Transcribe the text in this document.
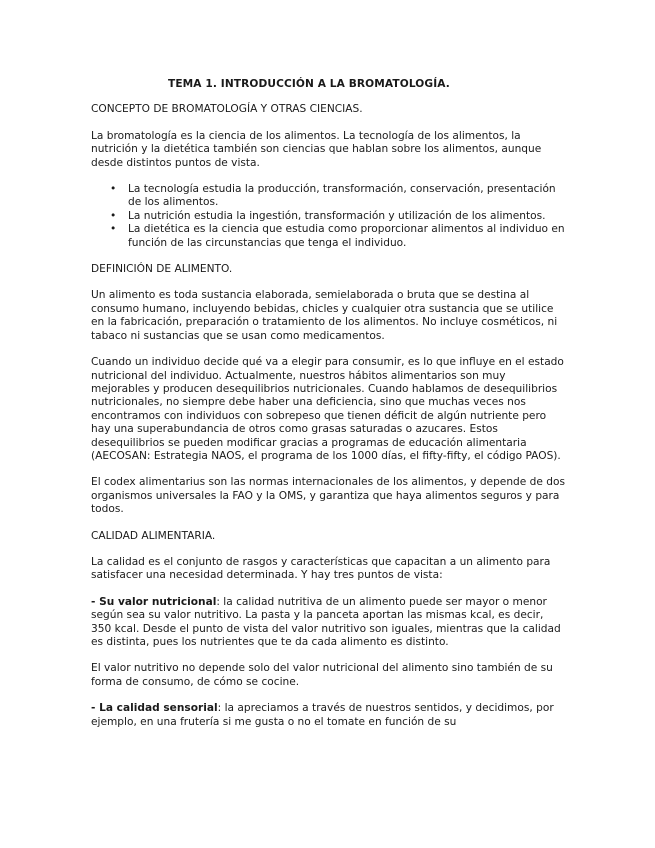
TEMA 1. INTRODUCCIÓN A LA BROMATOLOGÍA.

CONCEPTO DE BROMATOLOGÍA Y OTRAS CIENCIAS.

La bromatología es la ciencia de los alimentos. La tecnología de los alimentos, la nutrición y la dietética también son ciencias que hablan sobre los alimentos, aunque desde distintos puntos de vista.

• La tecnología estudia la producción, transformación, conservación, presentación de los alimentos.
• La nutrición estudia la ingestión, transformación y utilización de los alimentos.
• La dietética es la ciencia que estudia como proporcionar alimentos al individuo en función de las circunstancias que tenga el individuo.

DEFINICIÓN DE ALIMENTO.

Un alimento es toda sustancia elaborada, semielaborada o bruta que se destina al consumo humano, incluyendo bebidas, chicles y cualquier otra sustancia que se utilice en la fabricación, preparación o tratamiento de los alimentos. No incluye cosméticos, ni tabaco ni sustancias que se usan como medicamentos.

Cuando un individuo decide qué va a elegir para consumir, es lo que influye en el estado nutricional del individuo. Actualmente, nuestros hábitos alimentarios son muy mejorables y producen desequilibrios nutricionales. Cuando hablamos de desequilibrios nutricionales, no siempre debe haber una deficiencia, sino que muchas veces nos encontramos con individuos con sobrepeso que tienen déficit de algún nutriente pero hay una superabundancia de otros como grasas saturadas o azucares. Estos desequilibrios se pueden modificar gracias a programas de educación alimentaria (AECOSAN: Estrategia NAOS, el programa de los 1000 días, el fifty-fifty, el código PAOS).

El codex alimentarius son las normas internacionales de los alimentos, y depende de dos organismos universales la FAO y la OMS, y garantiza que haya alimentos seguros y para todos.

CALIDAD ALIMENTARIA.

La calidad es el conjunto de rasgos y características que capacitan a un alimento para satisfacer una necesidad determinada. Y hay tres puntos de vista:

- Su valor nutricional: la calidad nutritiva de un alimento puede ser mayor o menor según sea su valor nutritivo. La pasta y la panceta aportan las mismas kcal, es decir, 350 kcal. Desde el punto de vista del valor nutritivo son iguales, mientras que la calidad es distinta, pues los nutrientes que te da cada alimento es distinto.

El valor nutritivo no depende solo del valor nutricional del alimento sino también de su forma de consumo, de cómo se cocine.

- La calidad sensorial: la apreciamos a través de nuestros sentidos, y decidimos, por ejemplo, en una frutería si me gusta o no el tomate en función de su
